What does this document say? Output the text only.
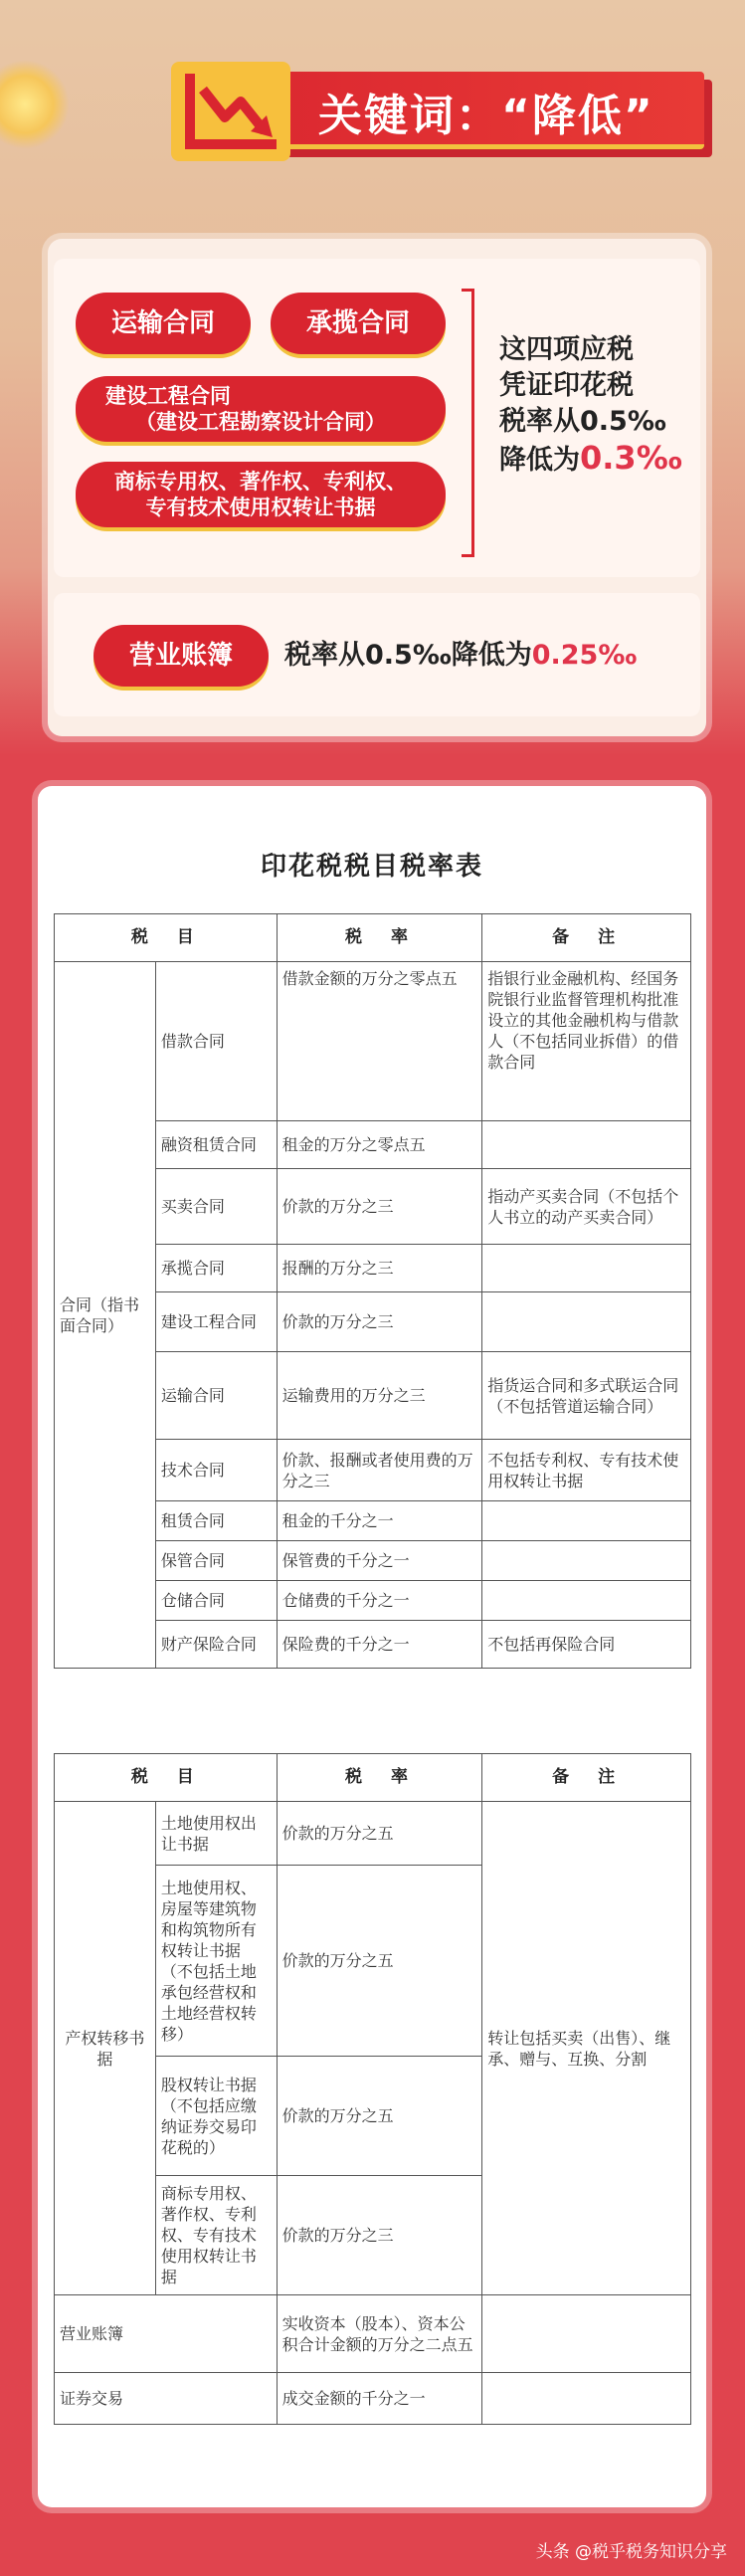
关键词：“降低”
运输合同	承揽合同
建设工程合同
（建设工程勘察设计合同）
商标专用权、著作权、专利权、
专有技术使用权转让书据
这四项应税
凭证印花税
税率从0.5‰
降低为0.3‰
营业账簿	税率从0.5‰降低为0.25‰
印花税税目税率表
税　目		税　率	备　注
合同（指书面合同）	借款合同	借款金额的万分之零点五	指银行业金融机构、经国务院银行业监督管理机构批准设立的其他金融机构与借款人（不包括同业拆借）的借款合同
	融资租赁合同	租金的万分之零点五	
	买卖合同	价款的万分之三	指动产买卖合同（不包括个人书立的动产买卖合同）
	承揽合同	报酬的万分之三	
	建设工程合同	价款的万分之三	
	运输合同	运输费用的万分之三	指货运合同和多式联运合同（不包括管道运输合同）
	技术合同	价款、报酬或者使用费的万分之三	不包括专利权、专有技术使用权转让书据
	租赁合同	租金的千分之一	
	保管合同	保管费的千分之一	
	仓储合同	仓储费的千分之一	
	财产保险合同	保险费的千分之一	不包括再保险合同
税　目		税　率	备　注
产权转移书据	土地使用权出让书据	价款的万分之五	转让包括买卖（出售）、继承、赠与、互换、分割
	土地使用权、房屋等建筑物和构筑物所有权转让书据（不包括土地承包经营权和土地经营权转移）	价款的万分之五	
	股权转让书据（不包括应缴纳证券交易印花税的）	价款的万分之五	
	商标专用权、著作权、专利权、专有技术使用权转让书据	价款的万分之三	
营业账簿		实收资本（股本）、资本公积合计金额的万分之二点五	
证券交易		成交金额的千分之一	
头条 @税乎税务知识分享
